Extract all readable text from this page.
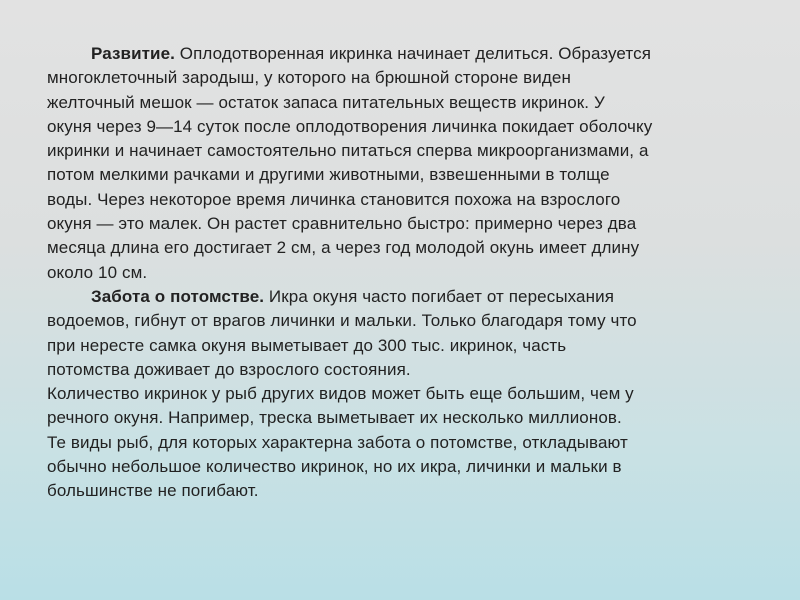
Развитие. Оплодотворенная икринка начинает делиться. Образуется
многоклеточный зародыш, у которого на брюшной стороне виден
желточный мешок — остаток запаса питательных веществ икринок. У
окуня через 9—14 суток после оплодотворения личинка покидает оболочку
икринки и начинает самостоятельно питаться сперва микроорганизмами, а
потом мелкими рачками и другими животными, взвешенными в толще
воды. Через некоторое время личинка становится похожа на взрослого
окуня — это малек. Он растет сравнительно быстро: примерно через два
месяца длина его достигает 2 см, а через год молодой окунь имеет длину
около 10 см.
Забота о потомстве. Икра окуня часто погибает от пересыхания
водоемов, гибнут от врагов личинки и мальки. Только благодаря тому что
при нересте самка окуня выметывает до 300 тыс. икринок, часть
потомства доживает до взрослого состояния.
Количество икринок у рыб других видов может быть еще большим, чем у
речного окуня. Например, треска выметывает их несколько миллионов.
Те виды рыб, для которых характерна забота о потомстве, откладывают
обычно небольшое количество икринок, но их икра, личинки и мальки в
большинстве не погибают.
